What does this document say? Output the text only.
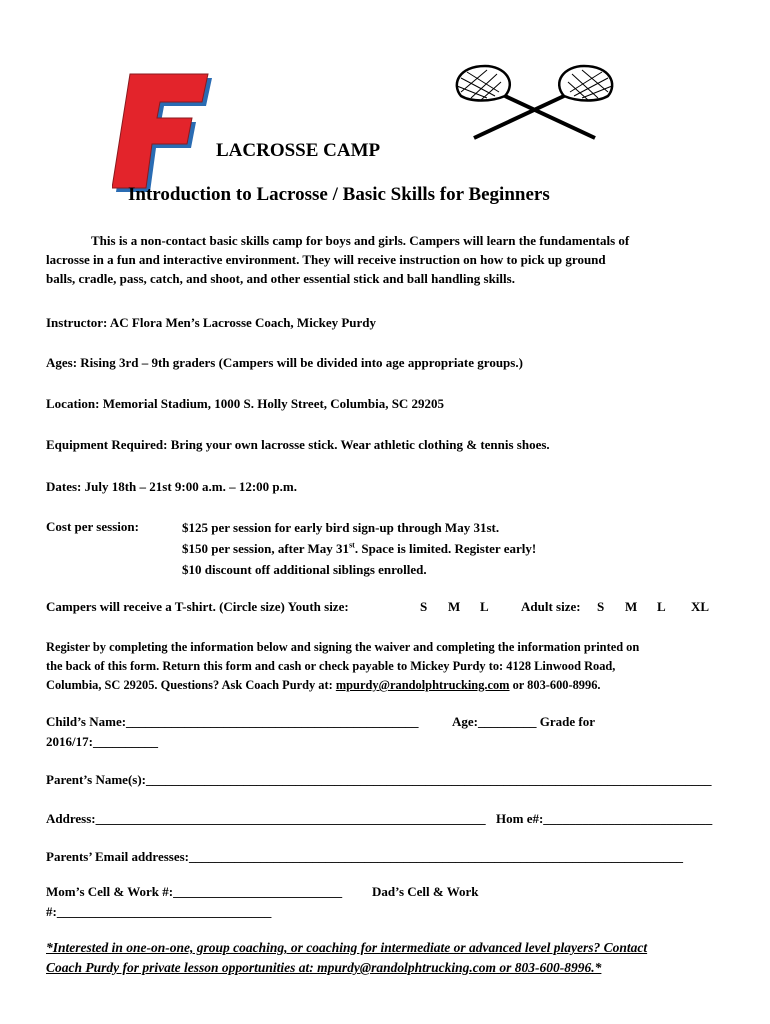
LACROSSE CAMP
Introduction to Lacrosse / Basic Skills for Beginners
This is a non-contact basic skills camp for boys and girls. Campers will learn the fundamentals of
lacrosse in a fun and interactive environment. They will receive instruction on how to pick up ground
balls, cradle, pass, catch, and shoot, and other essential stick and ball handling skills.
Instructor: AC Flora Men’s Lacrosse Coach, Mickey Purdy
Ages: Rising 3rd – 9th graders (Campers will be divided into age appropriate groups.)
Location: Memorial Stadium, 1000 S. Holly Street, Columbia, SC 29205
Equipment Required: Bring your own lacrosse stick. Wear athletic clothing & tennis shoes.
Dates: July 18th – 21st 9:00 a.m. – 12:00 p.m.
Cost per session:	$125 per session for early bird sign-up through May 31st.
$150 per session, after May 31st. Space is limited. Register early!
$10 discount off additional siblings enrolled.
Campers will receive a T-shirt. (Circle size) Youth size:	S M L Adult size: S M L XL
Register by completing the information below and signing the waiver and completing the information printed on
the back of this form. Return this form and cash or check payable to Mickey Purdy to: 4128 Linwood Road,
Columbia, SC 29205. Questions? Ask Coach Purdy at: mpurdy@randolphtrucking.com or 803-600-8996.
Child’s Name:_____________________________________________	Age:_________ Grade for
2016/17:__________
Parent’s Name(s):_______________________________________________________________________________________
Address:____________________________________________________________ Hom e#:__________________________
Parents’ Email addresses:____________________________________________________________________________
Mom’s Cell & Work #:__________________________ Dad’s Cell & Work
#:_________________________________
*Interested in one-on-one, group coaching, or coaching for intermediate or advanced level players? Contact
Coach Purdy for private lesson opportunities at: mpurdy@randolphtrucking.com or 803-600-8996.*
